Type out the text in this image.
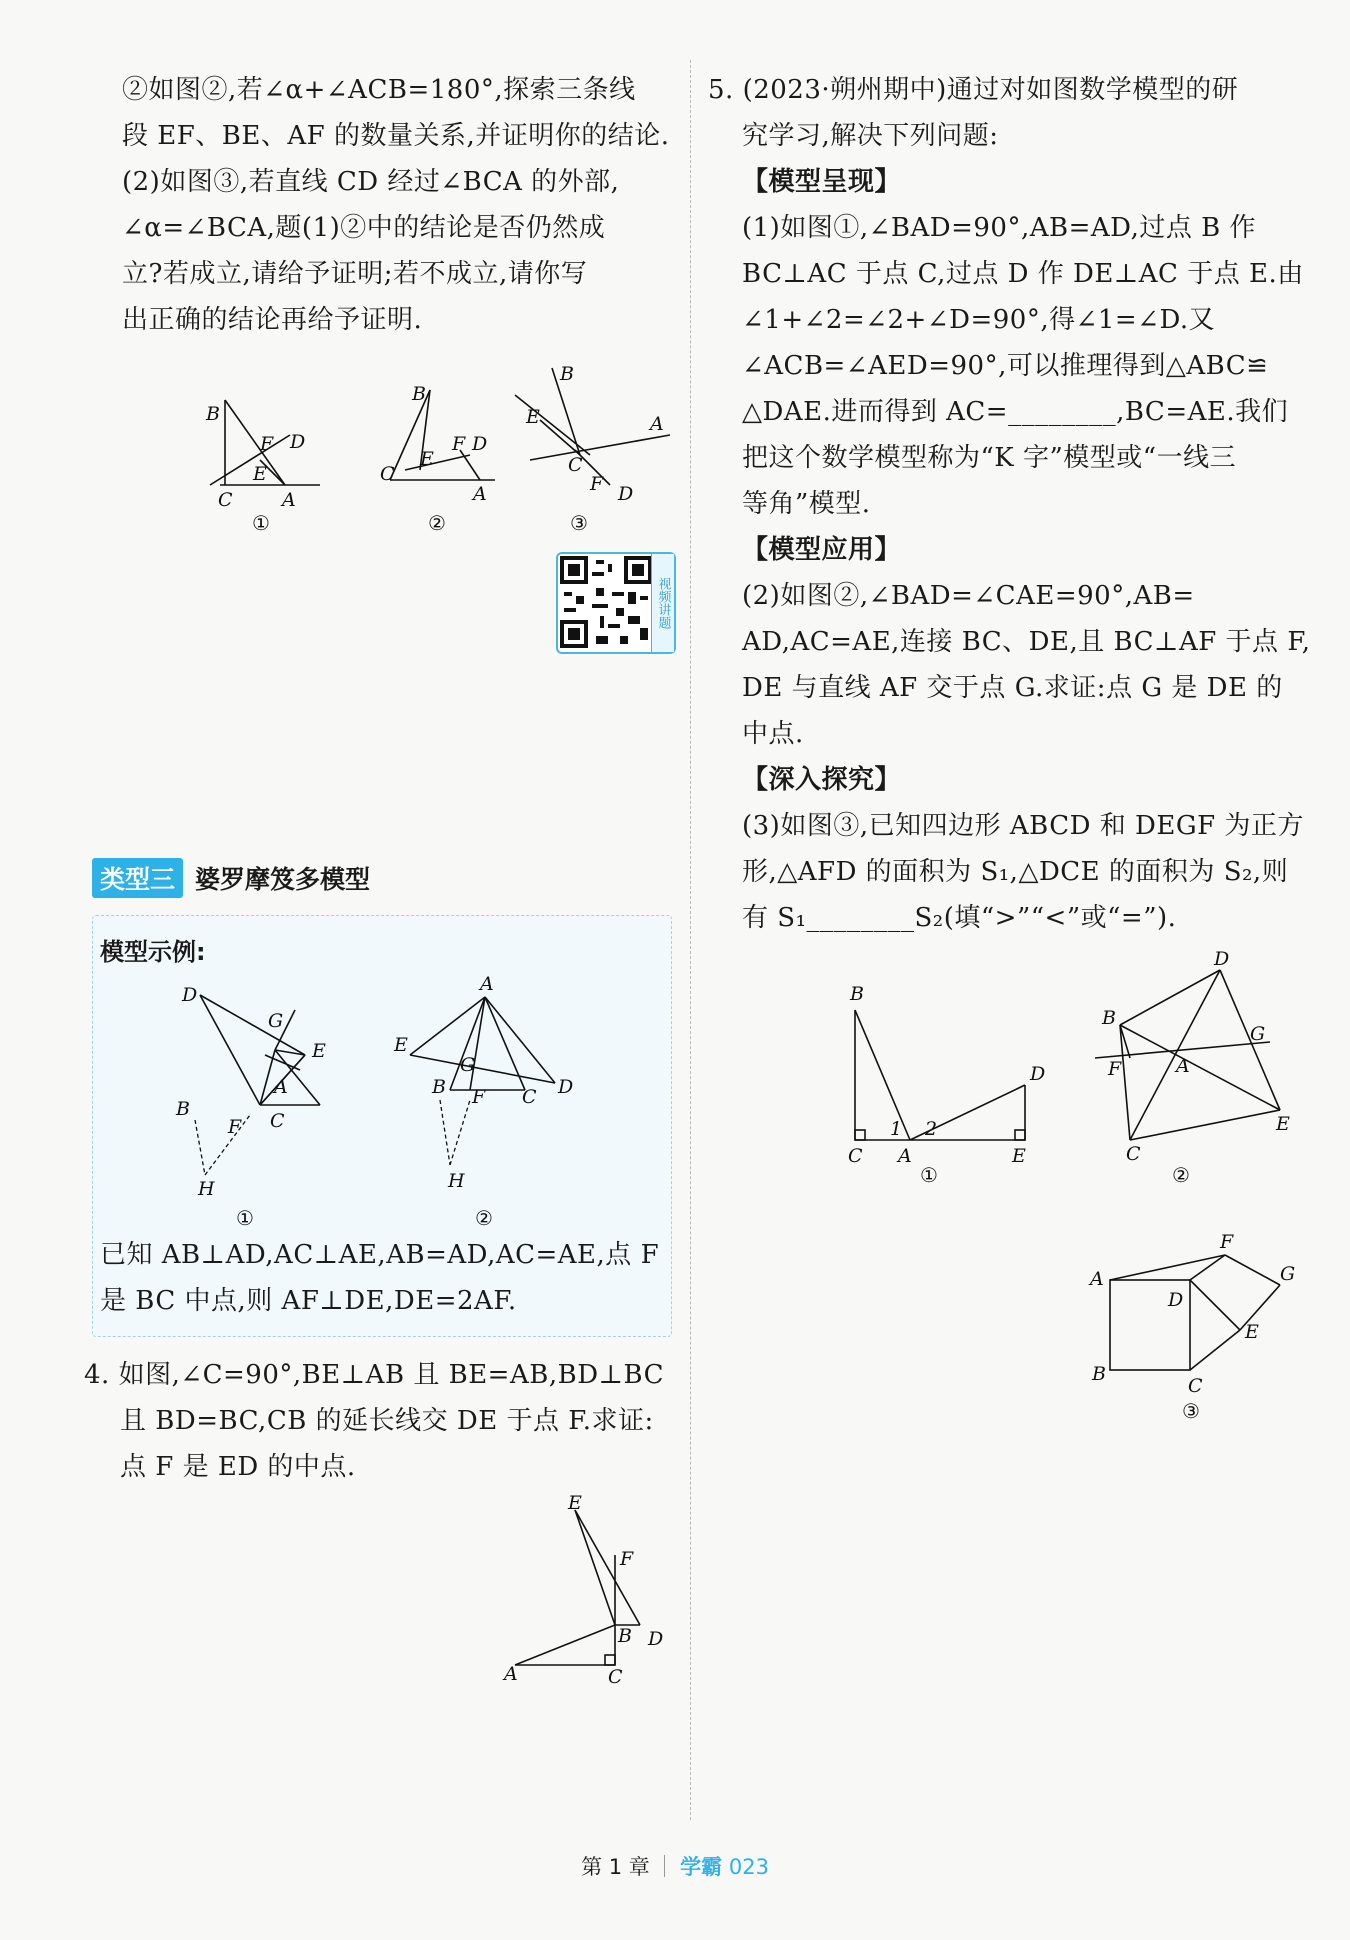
②如图②,若∠α+∠ACB=180°,探索三条线
段 EF、BE、AF 的数量关系,并证明你的结论.
(2)如图③,若直线 CD 经过∠BCA 的外部,
∠α=∠BCA,题(1)②中的结论是否仍然成
立?若成立,请给予证明;若不成立,请你写
出正确的结论再给予证明.
B
F D
E
C	A
①
B
E
F D
C
A
②
B
E	A
C
F D
③
视频讲题
类型三 婆罗摩笈多模型
模型示例:
D
G
E
A
B
C
F
H
①
A
E
G
B F C D
H
②
已知 AB⊥AD,AC⊥AE,AB=AD,AC=AE,点 F
是 BC 中点,则 AF⊥DE,DE=2AF.
4. 如图,∠C=90°,BE⊥AB 且 BE=AB,BD⊥BC
且 BD=BC,CB 的延长线交 DE 于点 F.求证:
点 F 是 ED 的中点.
E
F
B D
A	C
5. (2023·朔州期中)通过对如图数学模型的研
究学习,解决下列问题:
【模型呈现】
(1)如图①,∠BAD=90°,AB=AD,过点 B 作
BC⊥AC 于点 C,过点 D 作 DE⊥AC 于点 E.由
∠1+∠2=∠2+∠D=90°,得∠1=∠D.又
∠ACB=∠AED=90°,可以推理得到△ABC≌
△DAE.进而得到 AC=________,BC=AE.我们
把这个数学模型称为“K 字”模型或“一线三
等角”模型.
【模型应用】
(2)如图②,∠BAD=∠CAE=90°,AB=
AD,AC=AE,连接 BC、DE,且 BC⊥AF 于点 F,
DE 与直线 AF 交于点 G.求证:点 G 是 DE 的
中点.
【深入探究】
(3)如图③,已知四边形 ABCD 和 DEGF 为正方
形,△AFD 的面积为 S₁,△DCE 的面积为 S₂,则
有 S₁________S₂(填“>”“<”或“=”).
B
D
1 2
C A	E
①
D
B
G
F	A
C
E
②
F
G
A
D
E
B
C
③
第 1 章 学霸 023
